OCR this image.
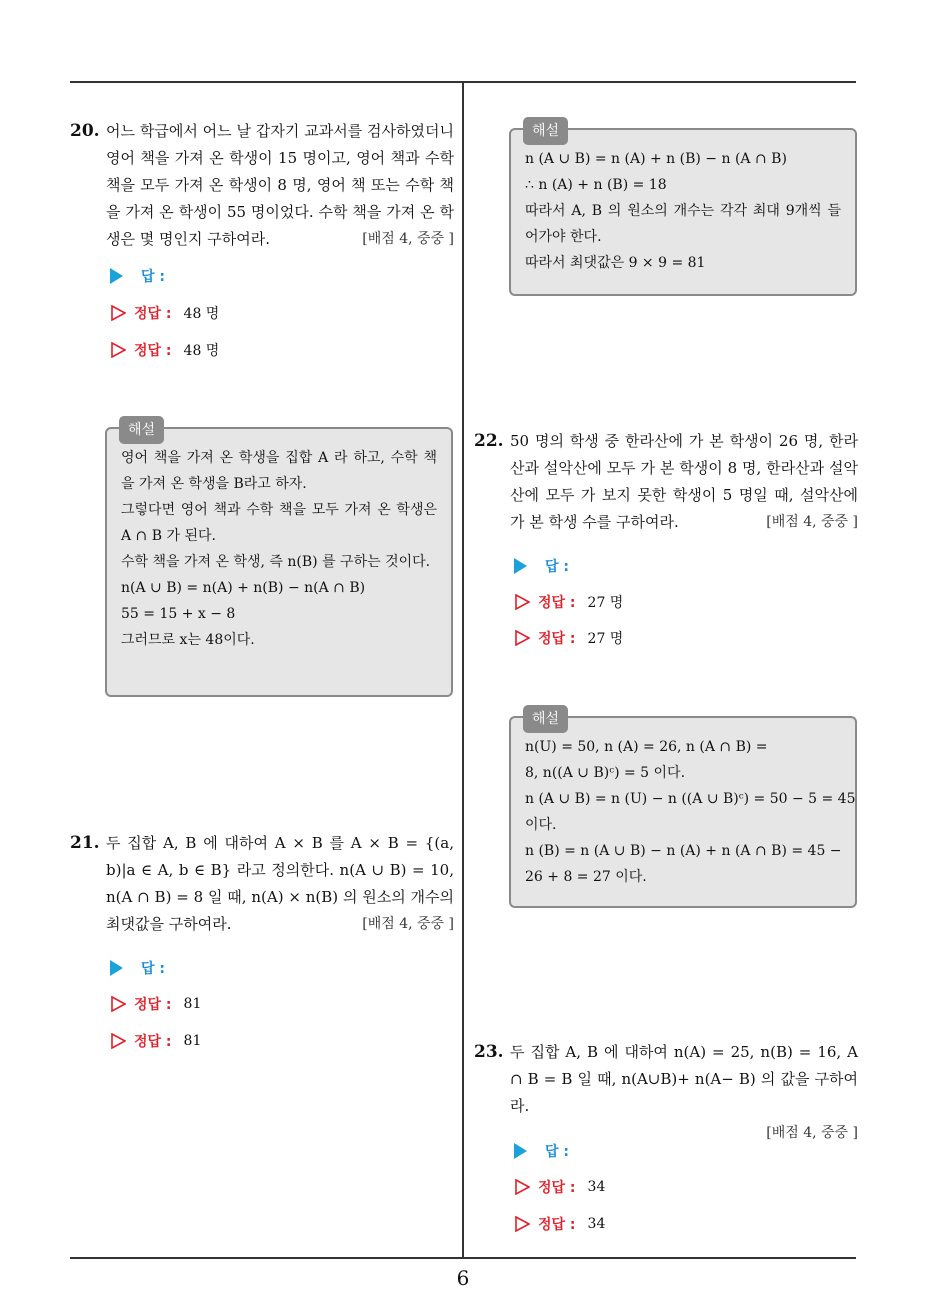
20. 어느 학급에서 어느 날 갑자기 교과서를 검사하였더니 영어 책을 가져 온 학생이 15 명이고, 영어 책과 수학 책을 모두 가져 온 학생이 8 명, 영어 책 또는 수학 책을 가져 온 학생이 55 명이었다. 수학 책을 가져 온 학생은 몇 명인지 구하여라.	[배점 4, 중중 ]
답 :
정답 : 48 명
정답 : 48 명
해설
영어 책을 가져 온 학생을 집합 A 라 하고, 수학 책을 가져 온 학생을 B라고 하자.
그렇다면 영어 책과 수학 책을 모두 가져 온 학생은 A ∩ B 가 된다.
수학 책을 가져 온 학생, 즉 n(B) 를 구하는 것이다.
n(A ∪ B) = n(A) + n(B) − n(A ∩ B)
55 = 15 + x − 8
그러므로 x는 48이다.
21. 두 집합 A, B 에 대하여 A × B 를 A × B = {(a, b)|a ∈ A, b ∈ B} 라고 정의한다. n(A ∪ B) = 10, n(A ∩ B) = 8 일 때, n(A) × n(B) 의 원소의 개수의 최댓값을 구하여라.	[배점 4, 중중 ]
답 :
정답 : 81
정답 : 81
해설
n (A ∪ B) = n (A) + n (B) − n (A ∩ B)
∴ n (A) + n (B) = 18
따라서 A, B 의 원소의 개수는 각각 최대 9개씩 들어가야 한다.
따라서 최댓값은 9 × 9 = 81
22. 50 명의 학생 중 한라산에 가 본 학생이 26 명, 한라산과 설악산에 모두 가 본 학생이 8 명, 한라산과 설악산에 모두 가 보지 못한 학생이 5 명일 때, 설악산에 가 본 학생 수를 구하여라.	[배점 4, 중중 ]
답 :
정답 : 27 명
정답 : 27 명
해설
n(U) = 50, n (A) = 26, n (A ∩ B) =
8, n((A ∪ B)ᶜ) = 5 이다.
n (A ∪ B) = n (U) − n ((A ∪ B)ᶜ) = 50 − 5 = 45
이다.
n (B) = n (A ∪ B) − n (A) + n (A ∩ B) = 45 −
26 + 8 = 27 이다.
23. 두 집합 A, B 에 대하여 n(A) = 25, n(B) = 16, A ∩ B = B 일 때, n(A∪B)+ n(A− B) 의 값을 구하여라.
[배점 4, 중중 ]
답 :
정답 : 34
정답 : 34
6
